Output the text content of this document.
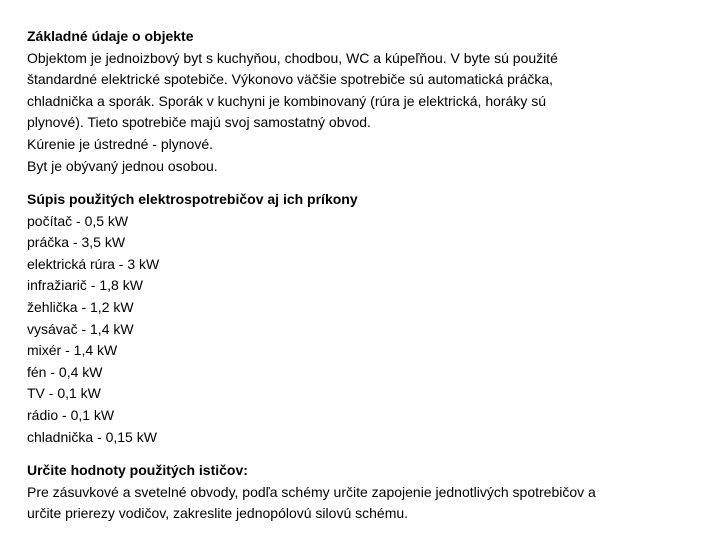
Základné údaje o objekte
Objektom je jednoizbový byt s kuchyňou, chodbou, WC a kúpeľňou. V byte sú použité
štandardné elektrické spotebiče. Výkonovo väčšie spotrebiče sú automatická práčka,
chladnička a sporák. Sporák v kuchyni je kombinovaný (rúra je elektrická, horáky sú
plynové). Tieto spotrebiče majú svoj samostatný obvod.
Kúrenie je ústredné - plynové.
Byt je obývaný jednou osobou.
Súpis použitých elektrospotrebičov aj ich príkony
počítač - 0,5 kW
práčka - 3,5 kW
elektrická rúra - 3 kW
infražiarič - 1,8 kW
žehlička - 1,2 kW
vysávač - 1,4 kW
mixér - 1,4 kW
fén - 0,4 kW
TV - 0,1 kW
rádio - 0,1 kW
chladnička - 0,15 kW
Určite hodnoty použitých ističov:
Pre zásuvkové a svetelné obvody, podľa schémy určite zapojenie jednotlivých spotrebičov a
určite prierezy vodičov, zakreslite jednopólovú silovú schému.
